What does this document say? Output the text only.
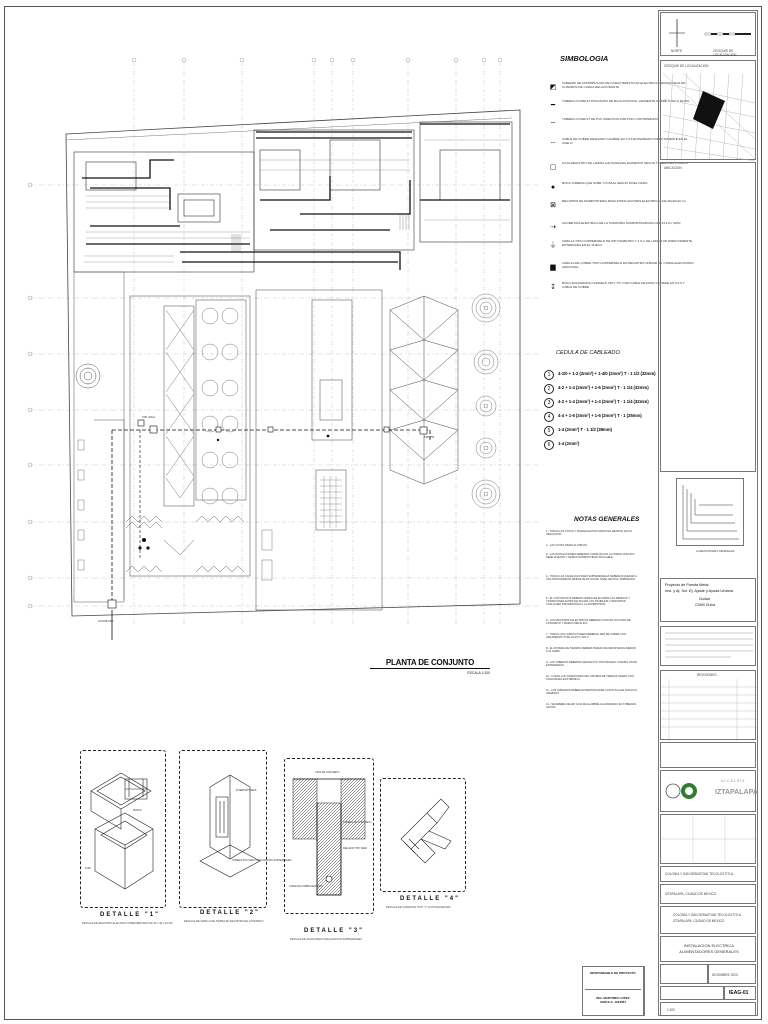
TAB. GRAL
TAB. P.B.
ACOMETIDA
PLANTA DE CONJUNTO
ESCALA 1:200
SIMBOLOGIA
◩
TABLERO DE DISTRIBUCION DE CARACTERISTICAS ELECTRICAS MOSTRADAS EN CUADROS DE CARGA RELACIONANTE
━
TUBERIA CONDUIT POR MURO DE BAJA ANGOSTA, APARENTE SOBRE LOSA O MURO
╌
TUBERIA CONDUIT DE PVC ASIENTOS POR PISO CONTRAMURO
┄
CABLE DE COBRE DESNUDO CALIBRE 4/0 A 0.6 ENTERRADO DIRECTAMENTE EN EL SUELO
▢
CAJA REGISTRO DE LAMINA GALVANIZADA DIAMETRO SEGUN TUBERIA EN PLANOS
●
BOCA TUBERIA QUE SUBE Y/O BAJA SEGUN NIVEL DADO
⊠
REGISTRO DE MAMPOSTERIA PARA INSTALACIONES ELECTRICAS DE 40x40x40 cm
⇢
ACOMETIDA ELECTRICA DE LA COMPAÑIA SUMINISTRADORA CFE 13.2 Kv, 60Hz
⏚
VARILLA TIPO COPPERWELD DE 5/8" DIAMETRO Y 3.0 m DE LONGITUD DIRECTAMENTE ENTERRADA EN EL SUELO
▆
VARILLA DE COBRE TIPO COPPERWELD EN REGISTRO UNIDAD DE 1 PARA ELECTRODO ADICIONAL
↧
BOCA SOLDADURA CADWELD TIPO "TA" CON CABLE DE PASO CALIBRE 4/0 A 0.6 Y CABLE DE COBRE
CEDULA DE CABLEADO
1	4-1/0 + 1-2 (2mm²) + 1-4/0 (2mm²) T - 1 1/2 (32mm)
2	4-2 + 1-4 (2mm²) + 1-6 (2mm²) T - 1 1/4 (32mm)
3	4-2 + 1-4 (2mm²) + 1-4 (2mm²) T - 1 1/4 (32mm)
4	4-4 + 1-6 (2mm²) + 1-6 (2mm²) T - 1 (25mm)
5	1-4 (2mm²) T - 1 1/2 (38mm)
6	1-4 (2mm²)
NOTAS GENERALES
1.- TODAS LAS COTAS Y NIVELES ESTAN DADOS EN METROS SALVO INDICACION.
2.- LAS COTAS RIGEN AL DIBUJO.
3.- LAS INSTALACIONES DEBERAN CUMPLIR CON LA NORMA NOM-001-SEDE VIGENTE Y DEMAS NORMATIVIDAD APLICABLE.
4.- TODAS LAS CANALIZACIONES SUBTERRANEAS DEBERAN QUEDAR A UNA PROFUNDIDAD MINIMA DE 60 CM DEL NIVEL DE PISO TERMINADO.
5.- EL CONTRATISTA DEBERA VERIFICAR EN OBRA LAS MEDIDAS Y CONDICIONES ANTES DE INICIAR LOS TRABAJOS Y REPORTAR CUALQUIER DISCREPANCIA A LA SUPERVISION.
6.- LOS REGISTROS ELECTRICOS DEBERAN CONTAR CON TAPA DE CONCRETO Y MARCO METALICO.
7.- TODOS LOS CONDUCTORES DEBERAN SER DE COBRE CON AISLAMIENTO THW-LS 90°C, 600 V.
8.- EL SISTEMA DE TIERRAS DEBERA TENER UNA RESISTENCIA MENOR A 10 OHMS.
9.- LAS TUBERIAS DEBERAN SER DE PVC TIPO PESADO CUANDO VAYAN ENTERRADAS.
10.- TODAS LAS CONEXIONES DEL SISTEMA DE TIERRAS SERAN CON SOLDADURA EXOTERMICA.
11.- LOS TABLEROS DEBERAN IDENTIFICARSE CON PLACA DE ACRILICO GRABADO.
12.- SE DEBERA DEJAR GUIA DE ALAMBRE GALVANIZADO EN TUBERIAS VACIAS.
TAPA
MARCO
INTERRUPTORES
TUBERIA PVC PARA CANALIZACION SUBTERRANEA
CAPA DE CONCRETO
RELLENO TIPO SEMI
CABLE DE COBRE DESNUDO
TUBERIA DE CONCRETO
DETALLE "1"
DETALLE DE REGISTRO ELECTRICO PREFABRICADO DE 40 x 40 x 40 CM
DETALLE "2"
DETALLE DE VARILLA DE TIERRA EN REGISTRO DE CONCRETO
DETALLE "3"
DETALLE DE ZANJA PARA CANALIZACION SUBTERRANEA
DETALLE "4"
DETALLE DE CONEXION TIPO "T" CON SOLDADURA
RESPONSABLE DE PROYECTO
ING. MARTINEZ LOPEZ
CEDULA: 1234567
NORTE	CROQUIS DE LOCALIZACION
CROQUIS DE LOCALIZACION
UBICACION
ALIMENTADORES GENERALES
Proyecto de Puesta Metal
Inst. y Aj. Sol. Ej. Ajuste y Ayuda Urbana
Ciudad
CDMX 01ima
REVISIONES
ALCALDIA
IZTAPALAPA
COLONIA Y SAN SEBASTIAN TECOLOXTITLA
IZTAPALAPA, CIUDAD DE MEXICO
COLONIA Y SAN SEBASTIAN TECOLOXTITLA
IZTAPALAPA, CIUDAD DE MEXICO
INSTALACION ELECTRICA
ALIMENTADORES GENERALES
DICIEMBRE 2023
IEAG-01
1:200
